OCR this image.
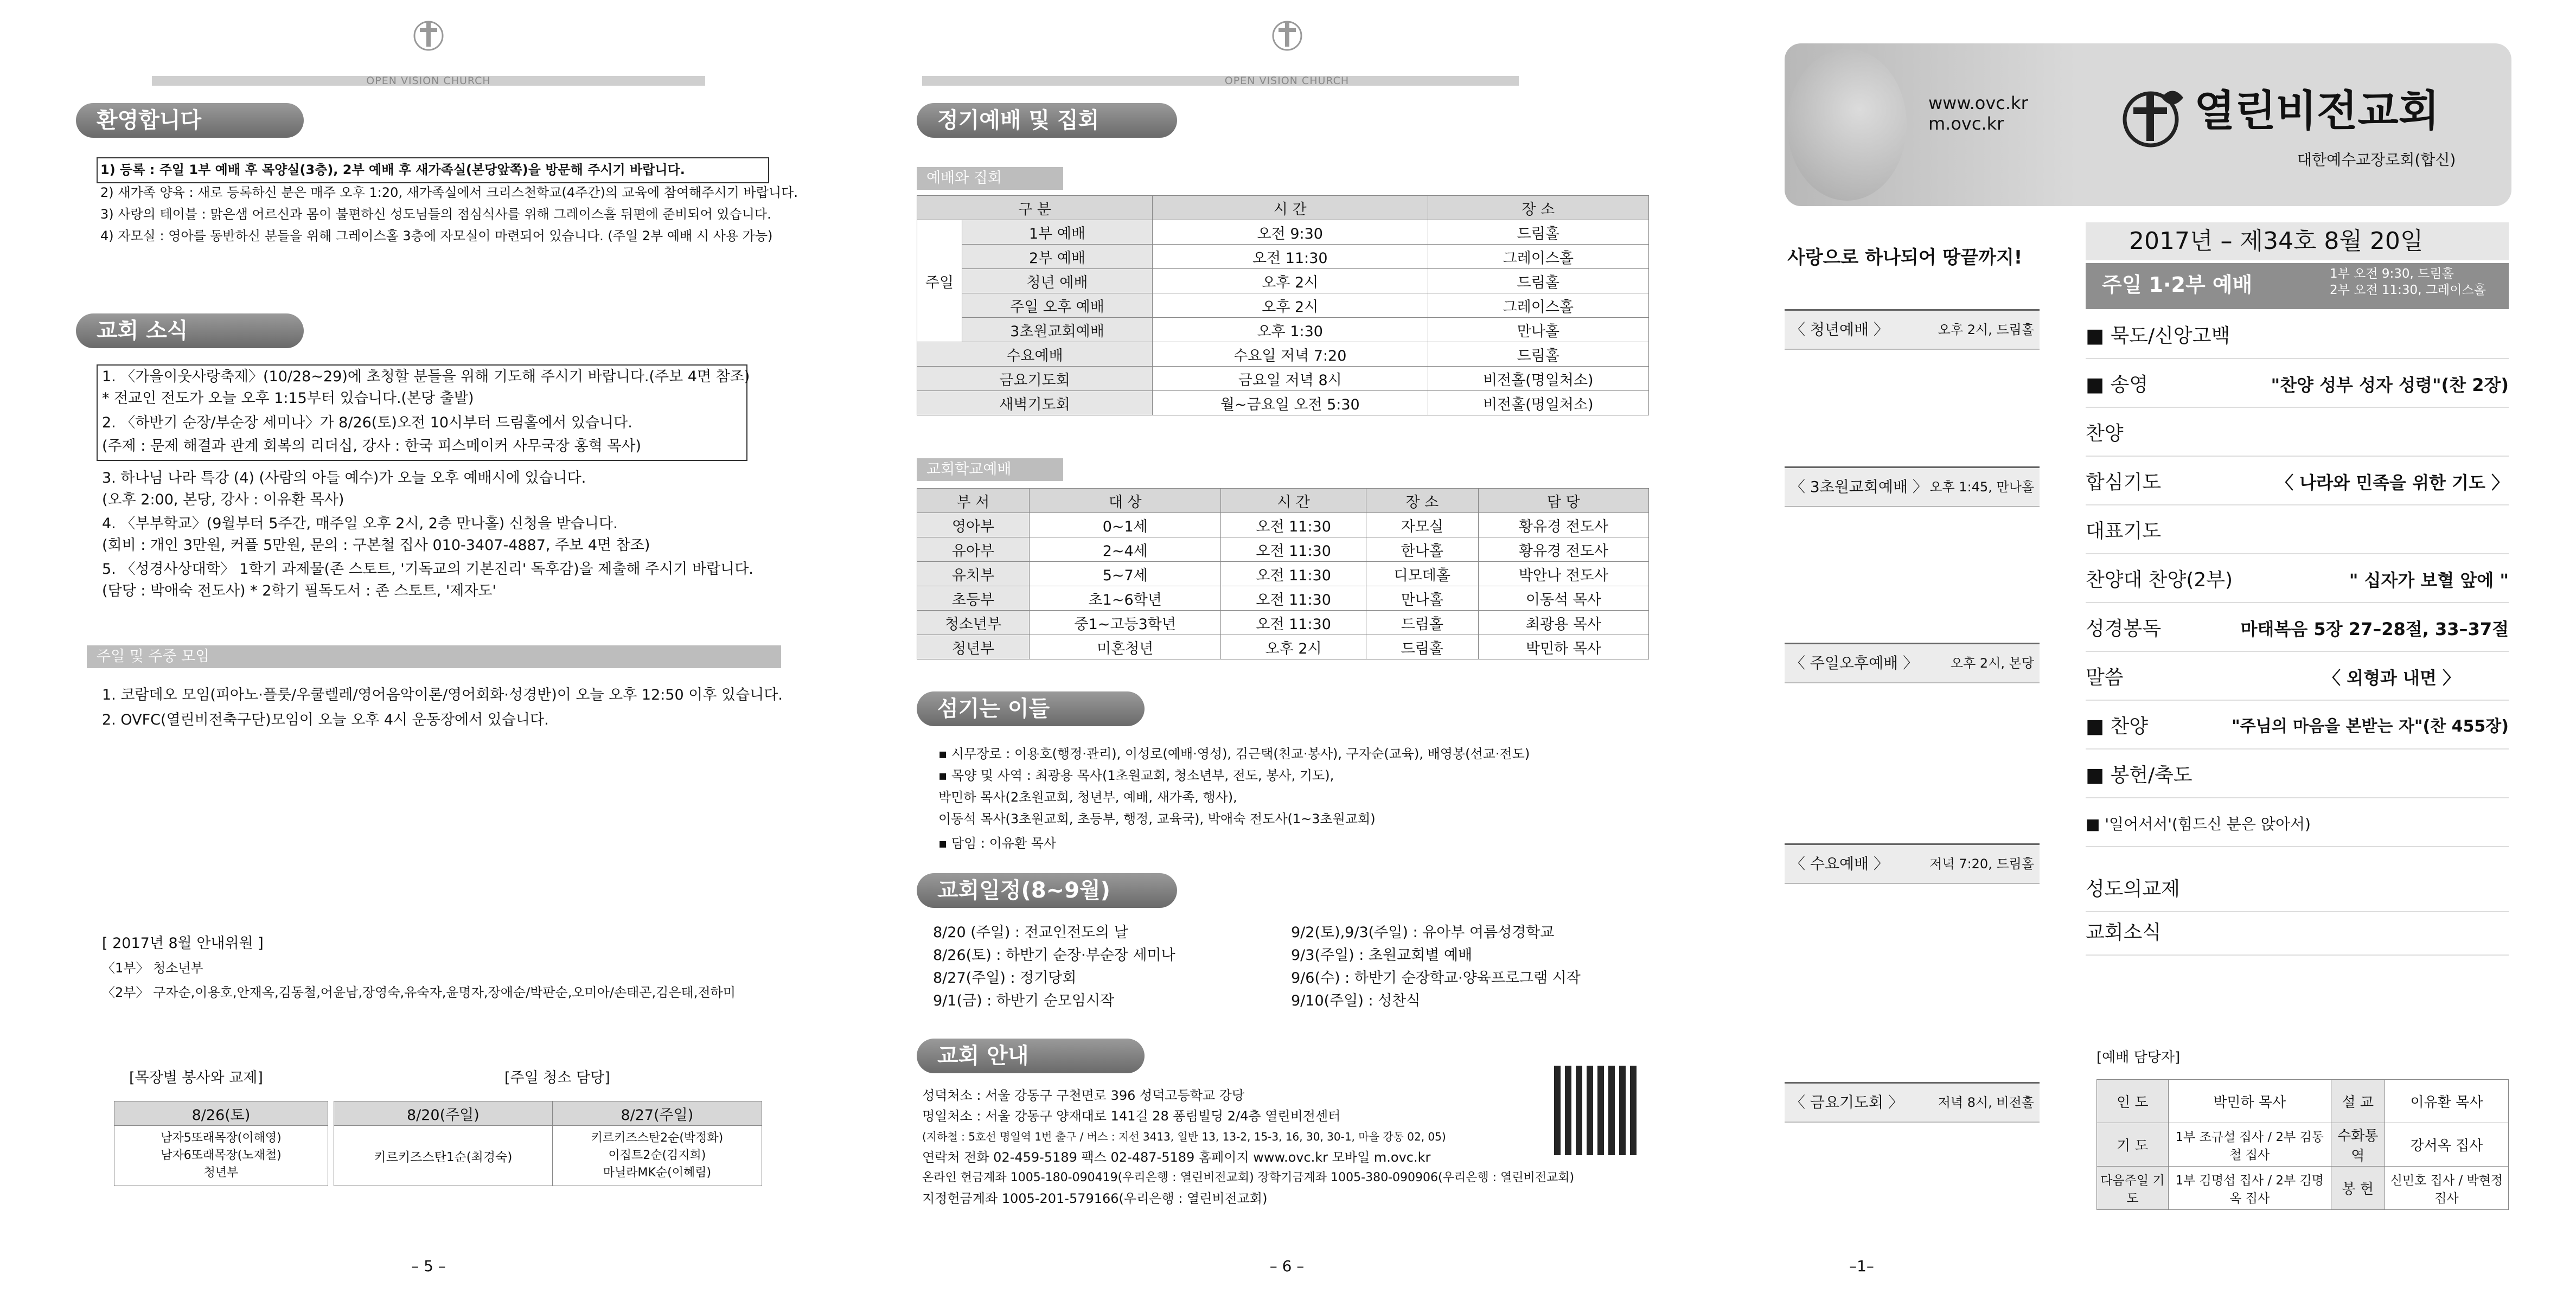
OPEN VISION CHURCH
환영합니다
1) 등록 : 주일 1부 예배 후 목양실(3층), 2부 예배 후 새가족실(본당앞쪽)을 방문해 주시기 바랍니다.
2) 새가족 양육 : 새로 등록하신 분은 매주 오후 1:20, 새가족실에서 크리스천학교(4주간)의 교육에 참여해주시기 바랍니다.
3) 사랑의 테이블 : 맑은샘 어르신과 몸이 불편하신 성도님들의 점심식사를 위해 그레이스홀 뒤편에 준비되어 있습니다.
4) 자모실 : 영아를 동반하신 분들을 위해 그레이스홀 3층에 자모실이 마련되어 있습니다. (주일 2부 예배 시 사용 가능)
교회 소식
1. 〈가을이웃사랑축제〉(10/28~29)에 초청할 분들을 위해 기도해 주시기 바랍니다.(주보 4면 참조)
* 전교인 전도가 오늘 오후 1:15부터 있습니다.(본당 출발)
2. 〈하반기 순장/부순장 세미나〉가 8/26(토)오전 10시부터 드림홀에서 있습니다.
(주제 : 문제 해결과 관계 회복의 리더십, 강사 : 한국 피스메이커 사무국장 홍혁 목사)
3. 하나님 나라 특강 (4) (사람의 아들 예수)가 오늘 오후 예배시에 있습니다.
(오후 2:00, 본당, 강사 : 이유환 목사)
4. 〈부부학교〉(9월부터 5주간, 매주일 오후 2시, 2층 만나홀) 신청을 받습니다.
(회비 : 개인 3만원, 커플 5만원, 문의 : 구본철 집사 010-3407-4887, 주보 4면 참조)
5. 〈성경사상대학〉 1학기 과제물(존 스토트, '기독교의 기본진리' 독후감)을 제출해 주시기 바랍니다.
(담당 : 박애숙 전도사) * 2학기 필독도서 : 존 스토트, '제자도'
주일 및 주중 모임
1. 코람데오 모임(피아노·플룻/우쿨렐레/영어음악이론/영어회화·성경반)이 오늘 오후 12:50 이후 있습니다.
2. OVFC(열린비전축구단)모임이 오늘 오후 4시 운동장에서 있습니다.
[ 2017년 8월 안내위원 ]
〈1부〉 청소년부
〈2부〉 구자순,이용호,안재옥,김동철,어윤남,장영숙,유숙자,윤명자,장애순/박판순,오미아/손태곤,김은태,전하미
[목장별 봉사와 교제]
8/26(토)

남자5또래목장(이해영)
남자6또래목장(노재철)
청년부
[주일 청소 담당]
8/20(주일)	8/27(주일)
키르키즈스탄1순(최경숙)	키르키즈스탄2순(박정화)
이집트2순(김지희)
마닐라MK순(이혜림)
– 5 –
OPEN VISION CHURCH
정기예배 및 집회
예배와 집회
구 분		시 간	장 소
주일	1부 예배	오전 9:30	드림홀
	2부 예배	오전 11:30	그레이스홀
	청년 예배	오후 2시	드림홀
	주일 오후 예배	오후 2시	그레이스홀
	3초원교회예배	오후 1:30	만나홀
수요예배		수요일 저녁 7:20	드림홀
금요기도회		금요일 저녁 8시	비전홀(명일처소)
새벽기도회		월~금요일 오전 5:30	비전홀(명일처소)
교회학교예배
부 서	대 상	시 간	장 소	담 당
영아부	0~1세	오전 11:30	자모실	황유경 전도사
유아부	2~4세	오전 11:30	한나홀	황유경 전도사
유치부	5~7세	오전 11:30	디모데홀	박안나 전도사
초등부	초1~6학년	오전 11:30	만나홀	이동석 목사
청소년부	중1~고등3학년	오전 11:30	드림홀	최광용 목사
청년부	미혼청년	오후 2시	드림홀	박민하 목사
섬기는 이들
▪ 시무장로 : 이용호(행정·관리), 이성로(예배·영성), 김근택(친교·봉사), 구자순(교육), 배영봉(선교·전도)
▪ 목양 및 사역 : 최광용 목사(1초원교회, 청소년부, 전도, 봉사, 기도),
박민하 목사(2초원교회, 청년부, 예배, 새가족, 행사),
이동석 목사(3초원교회, 초등부, 행정, 교육국), 박애숙 전도사(1~3초원교회)
▪ 담임 : 이유환 목사
교회일정(8~9월)
8/20 (주일) : 전교인전도의 날
8/26(토) : 하반기 순장·부순장 세미나
8/27(주일) : 정기당회
9/1(금) : 하반기 순모임시작
9/2(토),9/3(주일) : 유아부 여름성경학교
9/3(주일) : 초원교회별 예배
9/6(수) : 하반기 순장학교·양육프로그램 시작
9/10(주일) : 성찬식
교회 안내
성덕처소 : 서울 강동구 구천면로 396 성덕고등학교 강당
명일처소 : 서울 강동구 양재대로 141길 28 퐁림빌딩 2/4층 열린비전센터
(지하철 : 5호선 명일역 1번 출구 / 버스 : 지선 3413, 일반 13, 13-2, 15-3, 16, 30, 30-1, 마을 강동 02, 05)
연락처 전화 02-459-5189 팩스 02-487-5189 홈페이지 www.ovc.kr 모바일 m.ovc.kr
온라인 헌금계좌 1005-180-090419(우리은행 : 열린비전교회) 장학기금계좌 1005-380-090906(우리은행 : 열린비전교회)
지정헌금계좌 1005-201-579166(우리은행 : 열린비전교회)
– 6 –
www.ovc.kr
m.ovc.kr	열린비전교회
대한예수교장로회(합신)
사랑으로 하나되어 땅끝까지!
2017년 – 제34호 8월 20일
주일 1·2부 예배	1부 오전 9:30, 드림홀
2부 오전 11:30, 그레이스홀
〈 청년예배 〉	오후 2시, 드림홀
〈 3초원교회예배 〉 오후 1:45, 만나홀
〈 주일오후예배 〉 오후 2시, 본당
〈 수요예배 〉	저녁 7:20, 드림홀
〈 금요기도회 〉	저녁 8시, 비전홀
■ 묵도/신앙고백
■ 송영	"찬양 성부 성자 성령"(찬 2장)
찬양
합심기도	〈 나라와 민족을 위한 기도 〉
대표기도
찬양대 찬양(2부)	" 십자가 보혈 앞에 "
성경봉독	마태복음 5장 27–28절, 33–37절
말씀	〈 외형과 내면 〉
■ 찬양	"주님의 마음을 본받는 자"(찬 455장)
■ 봉헌/축도
■ '일어서서'(힘드신 분은 앉아서)
성도의교제
교회소식
[예배 담당자]
인 도	박민하 목사	설 교	이유환 목사
기 도	1부 조규설 집사 / 2부 김동철 집사	수화통역	강서옥 집사
다음주일 기도	1부 김명섭 집사 / 2부 김명옥 집사	봉 헌	신민호 집사 / 박현정 집사
–1–
